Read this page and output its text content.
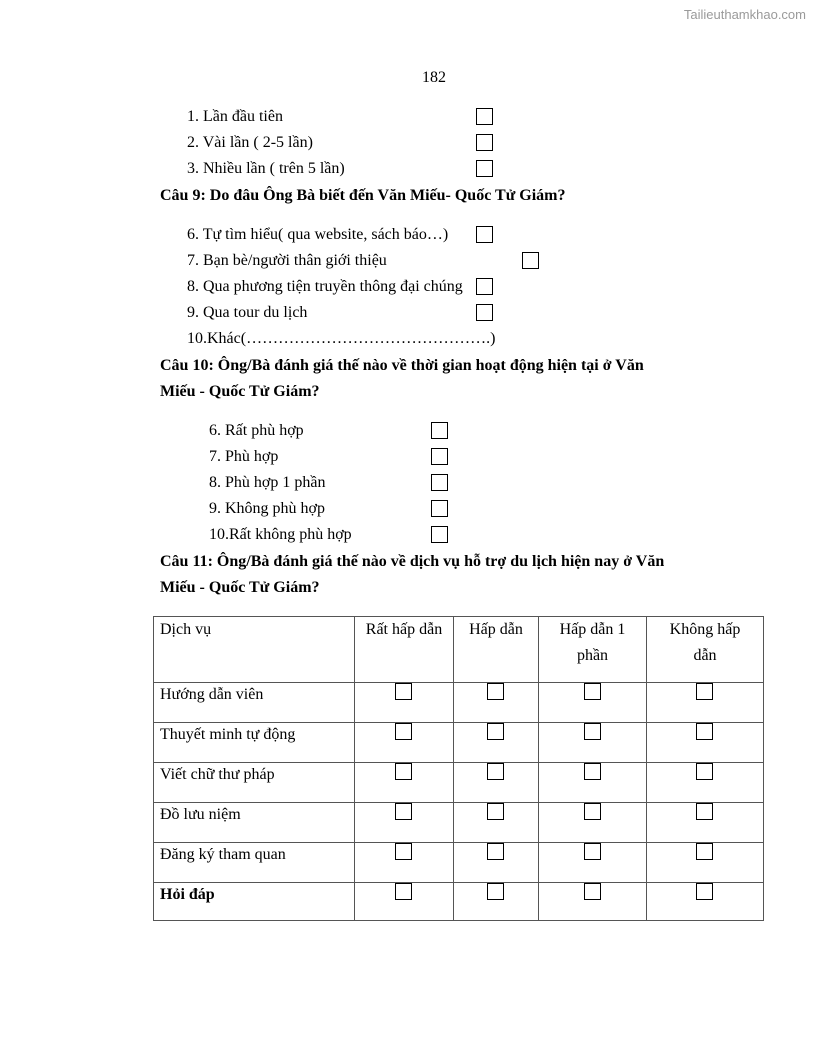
Tailieuthamkhao.com
182
1. Lần đầu tiên
2. Vài lần ( 2-5 lần)
3. Nhiều lần ( trên 5 lần)
Câu 9: Do đâu Ông Bà biết đến Văn Miếu- Quốc Tử Giám?
6. Tự tìm hiểu( qua website, sách báo…)
7. Bạn bè/người thân giới thiệu
8. Qua phương tiện truyền thông đại chúng
9. Qua tour du lịch
10.Khác(……………………………………….)
Câu 10: Ông/Bà đánh giá thế nào về thời gian hoạt động hiện tại ở Văn
Miếu - Quốc Tử Giám?
6. Rất phù hợp
7. Phù hợp
8. Phù hợp 1 phần
9. Không phù hợp
10.Rất không phù hợp
Câu 11: Ông/Bà đánh giá thế nào về dịch vụ hỗ trợ du lịch hiện nay ở Văn
Miếu - Quốc Tử Giám?
Dịch vụ	Rất hấp dẫn	Hấp dẫn	Hấp dẫn 1 phần	Không hấp dẫn
Hướng dẫn viên	

Thuyết minh tự động	

Viết chữ thư pháp	

Đồ lưu niệm	

Đăng ký tham quan	

Hỏi đáp	
